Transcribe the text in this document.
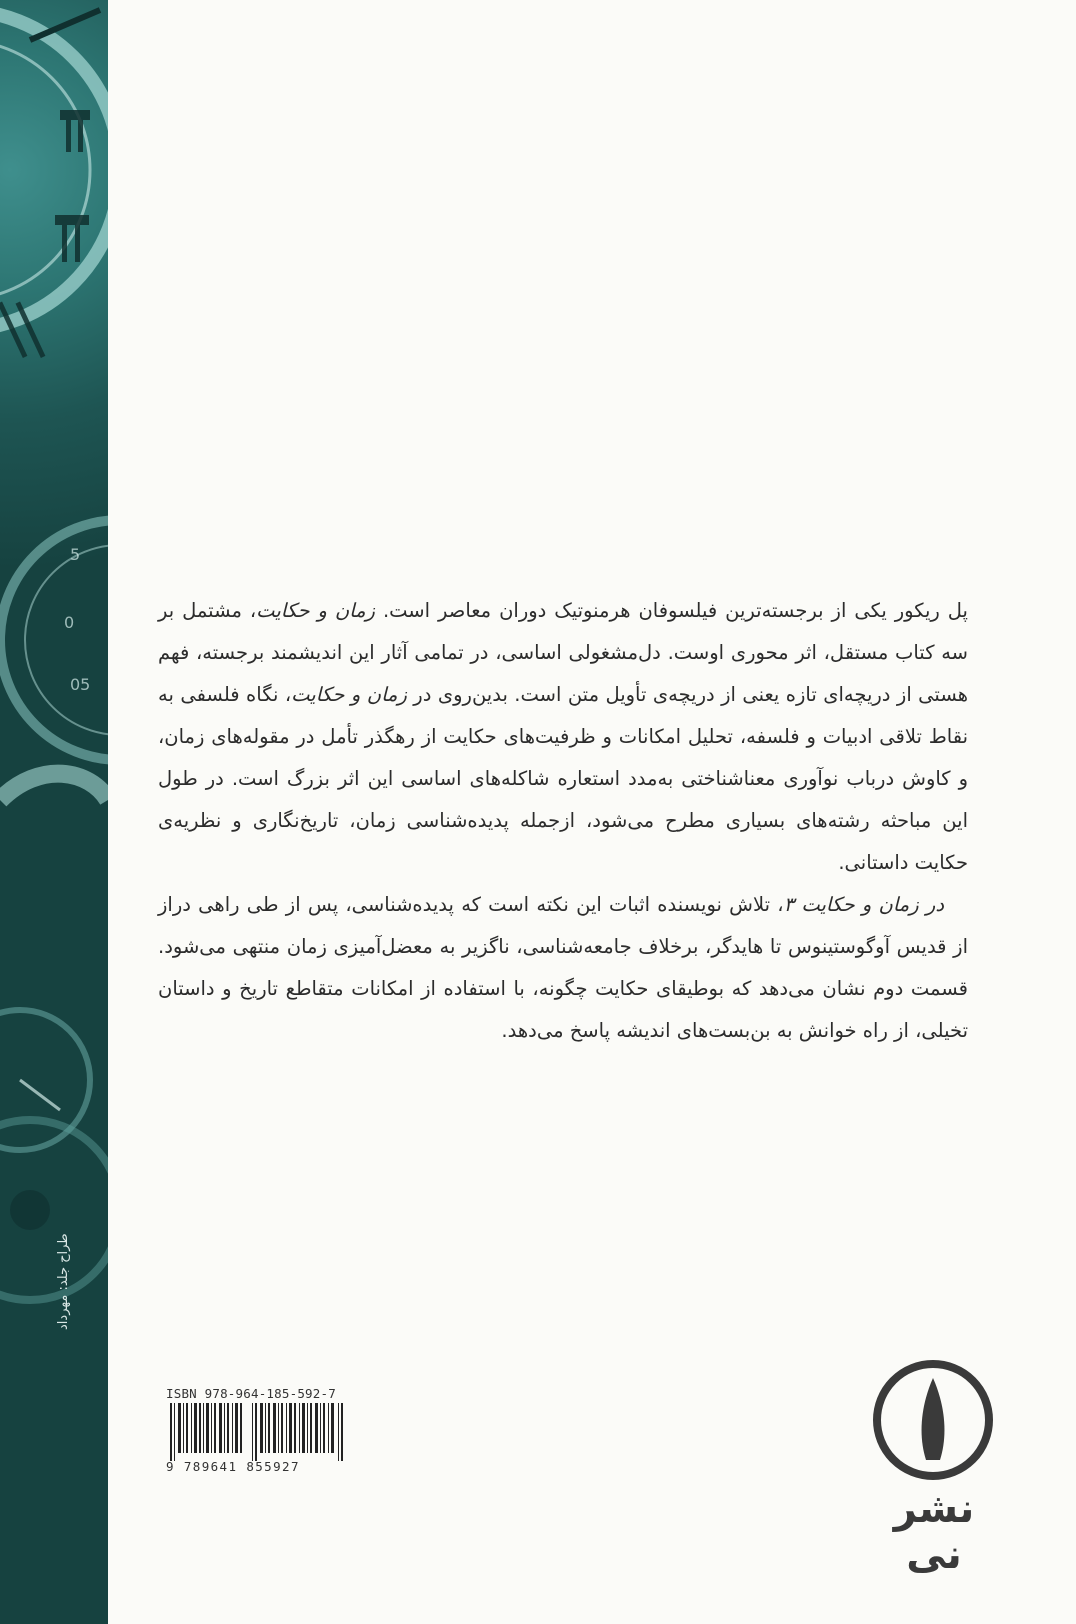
5
0
05
طراح جلد: مهرداد

پل ریکور یکی از برجسته‌ترین فیلسوفان هرمنوتیک دوران معاصر است. زمان و حکایت، مشتمل بر سه کتاب مستقل، اثر محوری اوست. دل‌مشغولی اساسی، در تمامی آثار این اندیشمند برجسته، فهم هستی از دریچه‌ای تازه یعنی از دریچه‌ی تأویل متن است. بدین‌روی در زمان و حکایت، نگاه فلسفی به نقاط تلاقی ادبیات و فلسفه، تحلیل امکانات و ظرفیت‌های حکایت از رهگذر تأمل در مقوله‌های زمان، و کاوش درباب نوآوری معناشناختی به‌مدد استعاره شاکله‌های اساسی این اثر بزرگ است. در طول این مباحثه رشته‌های بسیاری مطرح می‌شود، ازجمله پدیده‌شناسی زمان، تاریخ‌نگاری و نظریه‌ی حکایت داستانی.

در زمان و حکایت ۳، تلاش نویسنده اثبات این نکته است که پدیده‌شناسی، پس از طی راهی دراز از قدیس آوگوستینوس تا هایدگر، برخلاف جامعه‌شناسی، ناگزیر به معضل‌آمیزی زمان منتهی می‌شود. قسمت دوم نشان می‌دهد که بوطیقای حکایت چگونه، با استفاده از امکانات متقاطع تاریخ و داستان تخیلی، از راه خوانش به بن‌بست‌های اندیشه پاسخ می‌دهد.

ISBN 978-964-185-592-7
9 789641 855927
نشر نی
